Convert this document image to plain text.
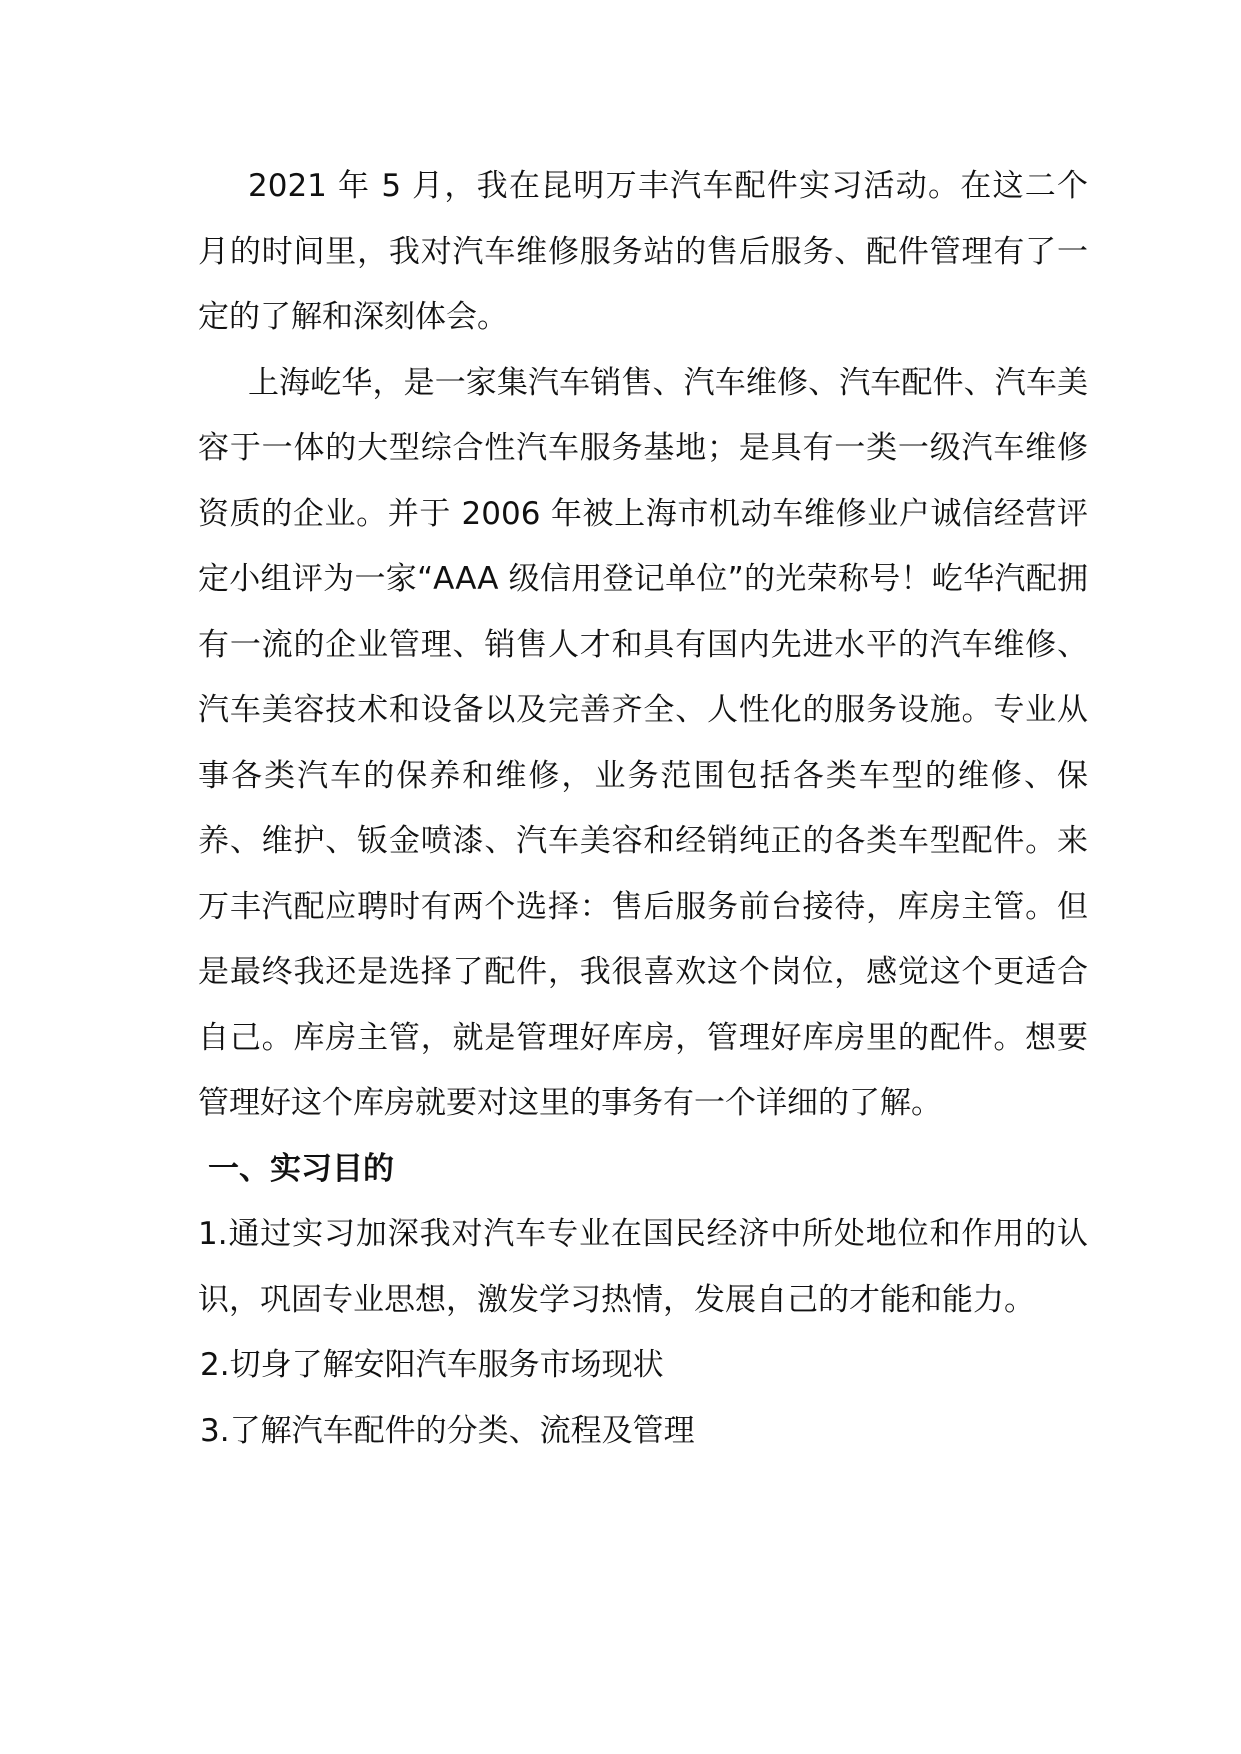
2021 年 5 月，我在昆明万丰汽车配件实习活动。在这二个月的时间里，我对汽车维修服务站的售后服务、配件管理有了一定的了解和深刻体会。

上海屹华，是一家集汽车销售、汽车维修、汽车配件、汽车美容于一体的大型综合性汽车服务基地；是具有一类一级汽车维修资质的企业。并于 2006 年被上海市机动车维修业户诚信经营评定小组评为一家“AAA 级信用登记单位”的光荣称号！屹华汽配拥有一流的企业管理、销售人才和具有国内先进水平的汽车维修、汽车美容技术和设备以及完善齐全、人性化的服务设施。专业从事各类汽车的保养和维修，业务范围包括各类车型的维修、保养、维护、钣金喷漆、汽车美容和经销纯正的各类车型配件。来万丰汽配应聘时有两个选择：售后服务前台接待，库房主管。但是最终我还是选择了配件，我很喜欢这个岗位，感觉这个更适合自己。库房主管，就是管理好库房，管理好库房里的配件。想要管理好这个库房就要对这里的事务有一个详细的了解。

一、实习目的

1.通过实习加深我对汽车专业在国民经济中所处地位和作用的认识，巩固专业思想，激发学习热情，发展自己的才能和能力。

2.切身了解安阳汽车服务市场现状

3.了解汽车配件的分类、流程及管理
